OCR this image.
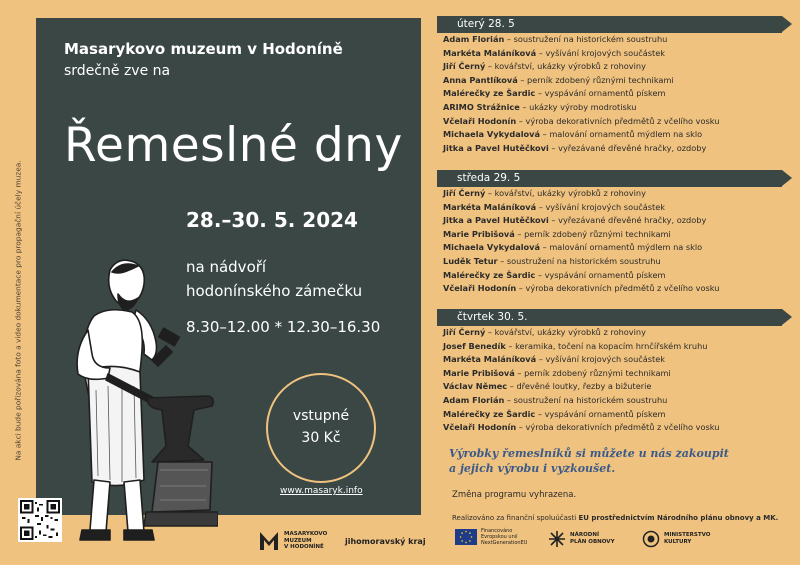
Na akci bude pořizována foto a video dokumentace pro propagační účely muzea.
Masarykovo muzeum v Hodoníně
srdečně zve na
Řemeslné dny
28.–30. 5. 2024
na nádvoří
hodonínského zámečku
8.30–12.00 * 12.30–16.30
vstupné
30 Kč
www.masaryk.info
úterý 28. 5
Adam Florián – soustružení na historickém soustruhu
Markéta Maláníková – vyšívání krojových součástek
Jiří Černý – kovářství, ukázky výrobků z rohoviny
Anna Pantlíková – perník zdobený různými technikami
Malérečky ze Šardic – vyspávání ornamentů pískem
ARIMO Strážnice – ukázky výroby modrotisku
Včelaři Hodonín – výroba dekorativních předmětů z včelího vosku
Michaela Vykydalová – malování ornamentů mýdlem na sklo
Jitka a Pavel Hutěčkovi – vyřezávané dřevěné hračky, ozdoby
středa 29. 5
Jiří Černý – kovářství, ukázky výrobků z rohoviny
Markéta Maláníková – vyšívání krojových součástek
Jitka a Pavel Hutěčkovi – vyřezávané dřevěné hračky, ozdoby
Marie Pribišová – perník zdobený různými technikami
Michaela Vykydalová – malování ornamentů mýdlem na sklo
Luděk Tetur – soustružení na historickém soustruhu
Malérečky ze Šardic – vyspávání ornamentů pískem
Včelaři Hodonín – výroba dekorativních předmětů z včelího vosku
čtvrtek 30. 5.
Jiří Černý – kovářství, ukázky výrobků z rohoviny
Josef Benedík – keramika, točení na kopacím hrnčířském kruhu
Markéta Maláníková – vyšívání krojových součástek
Marie Pribišová – perník zdobený různými technikami
Václav Němec – dřevěné loutky, řezby a bižuterie
Adam Florián – soustružení na historickém soustruhu
Malérečky ze Šardic – vyspávání ornamentů pískem
Včelaři Hodonín – výroba dekorativních předmětů z včelího vosku
Výrobky řemeslníků si můžete u nás zakoupit
a jejich výrobu i vyzkoušet.
Změna programu vyhrazena.
Realizováno za finanční spoluúčasti EU prostřednictvím Národního plánu obnovy a MK.
MASARYKOVO
MUZEUM
V HODONÍNĚ
jihomoravský kraj
Financováno
Evropskou unií
NextGenerationEU
NÁRODNÍ
PLÁN OBNOVY
MINISTERSTVO
KULTURY
